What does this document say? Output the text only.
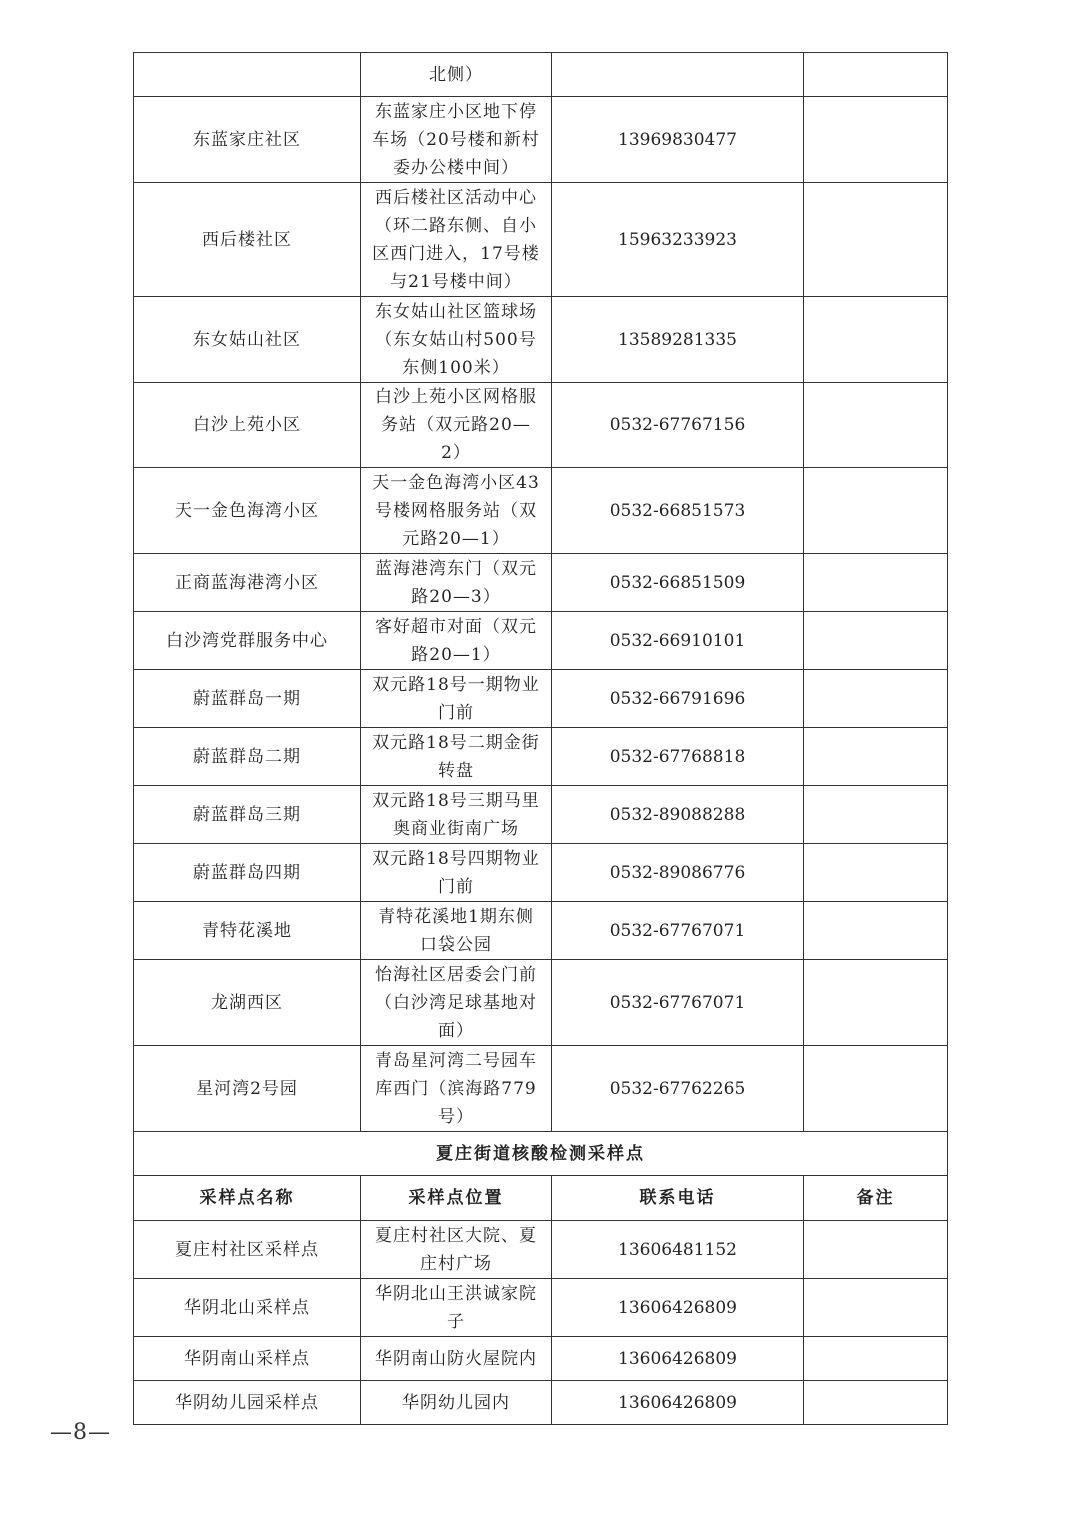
	北侧）		
东蓝家庄社区	东蓝家庄小区地下停车场（20号楼和新村委办公楼中间）	13969830477	
西后楼社区	西后楼社区活动中心（环二路东侧、自小区西门进入，17号楼与21号楼中间）	15963233923	
东女姑山社区	东女姑山社区篮球场（东女姑山村500号东侧100米）	13589281335	
白沙上苑小区	白沙上苑小区网格服务站（双元路20—2）	0532-67767156	
天一金色海湾小区	天一金色海湾小区43号楼网格服务站（双元路20—1）	0532-66851573	
正商蓝海港湾小区	蓝海港湾东门（双元路20—3）	0532-66851509	
白沙湾党群服务中心	客好超市对面（双元路20—1）	0532-66910101	
蔚蓝群岛一期	双元路18号一期物业门前	0532-66791696	
蔚蓝群岛二期	双元路18号二期金街转盘	0532-67768818	
蔚蓝群岛三期	双元路18号三期马里奥商业街南广场	0532-89088288	
蔚蓝群岛四期	双元路18号四期物业门前	0532-89086776	
青特花溪地	青特花溪地1期东侧口袋公园	0532-67767071	
龙湖西区	怡海社区居委会门前（白沙湾足球基地对面）	0532-67767071	
星河湾2号园	青岛星河湾二号园车库西门（滨海路779号）	0532-67762265	
夏庄街道核酸检测采样点			
采样点名称	采样点位置	联系电话	备注
夏庄村社区采样点	夏庄村社区大院、夏庄村广场	13606481152	
华阴北山采样点	华阴北山王洪诚家院子	13606426809	
华阴南山采样点	华阴南山防火屋院内	13606426809	
华阴幼儿园采样点	华阴幼儿园内	13606426809	
—8—
